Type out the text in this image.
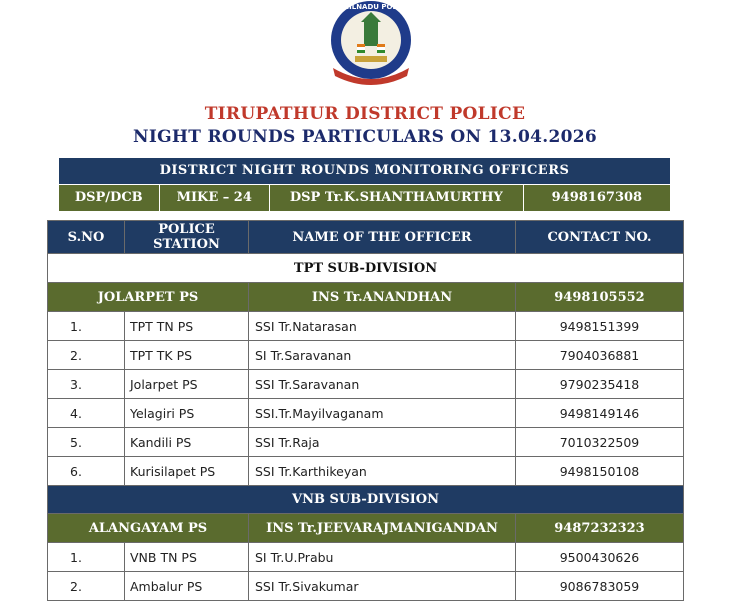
TAMILNADU POLICE
TIRUPATHUR DISTRICT POLICE
NIGHT ROUNDS PARTICULARS ON 13.04.2026
DISTRICT NIGHT ROUNDS MONITORING OFFICERS
DSP/DCB	MIKE – 24	DSP Tr.K.SHANTHAMURTHY	9498167308
S.NO	POLICE STATION	NAME OF THE OFFICER	CONTACT NO.
TPT SUB-DIVISION			
JOLARPET PS		INS Tr.ANANDHAN	9498105552
1.	TPT TN PS	SSI Tr.Natarasan	9498151399
2.	TPT TK PS	SI Tr.Saravanan	7904036881
3.	Jolarpet PS	SSI Tr.Saravanan	9790235418
4.	Yelagiri PS	SSI.Tr.Mayilvaganam	9498149146
5.	Kandili PS	SSI Tr.Raja	7010322509
6.	Kurisilapet PS	SSI Tr.Karthikeyan	9498150108
VNB SUB-DIVISION			
ALANGAYAM PS		INS Tr.JEEVARAJMANIGANDAN	9487232323
1.	VNB TN PS	SI Tr.U.Prabu	9500430626
2.	Ambalur PS	SSI Tr.Sivakumar	9086783059
